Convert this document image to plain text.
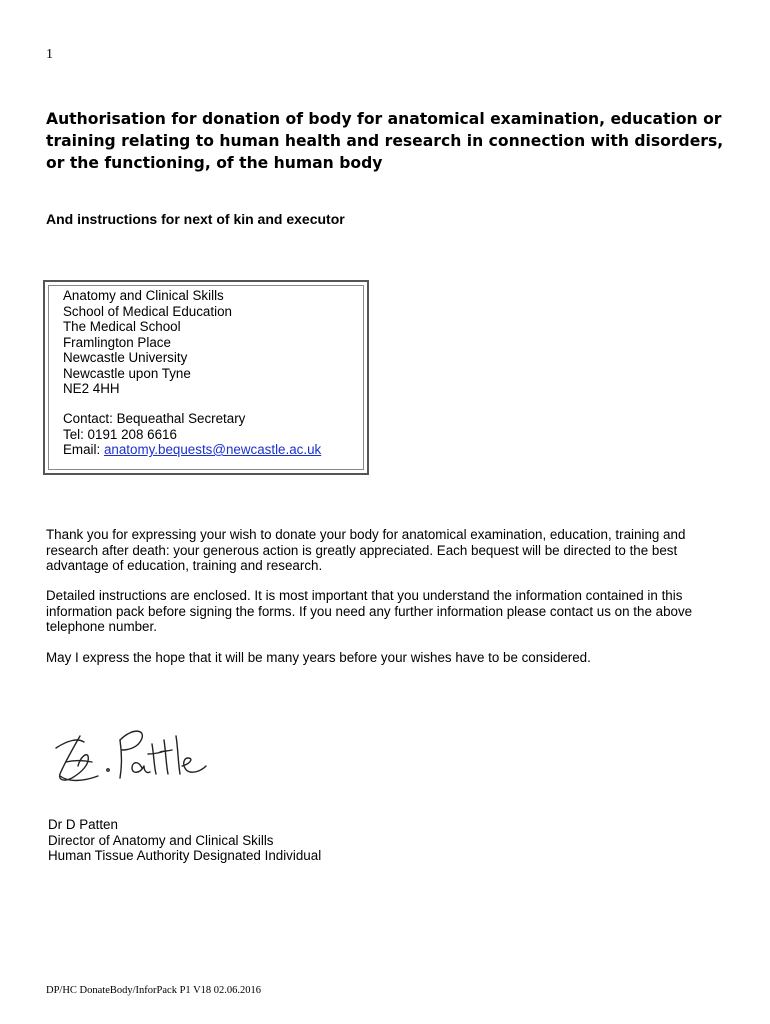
1
Authorisation for donation of body for anatomical examination, education or training relating to human health and research in connection with disorders, or the functioning, of the human body
And instructions for next of kin and executor
Anatomy and Clinical Skills
School of Medical Education
The Medical School
Framlington Place
Newcastle University
Newcastle upon Tyne
NE2 4HH
Contact: Bequeathal Secretary
Tel: 0191 208 6616
Email: anatomy.bequests@newcastle.ac.uk

Thank you for expressing your wish to donate your body for anatomical examination, education, training and research after death: your generous action is greatly appreciated. Each bequest will be directed to the best advantage of education, training and research.

Detailed instructions are enclosed. It is most important that you understand the information contained in this information pack before signing the forms. If you need any further information please contact us on the above telephone number.

May I express the hope that it will be many years before your wishes have to be considered.

Dr D Patten
Director of Anatomy and Clinical Skills
Human Tissue Authority Designated Individual
DP/HC DonateBody/InforPack P1 V18 02.06.2016
